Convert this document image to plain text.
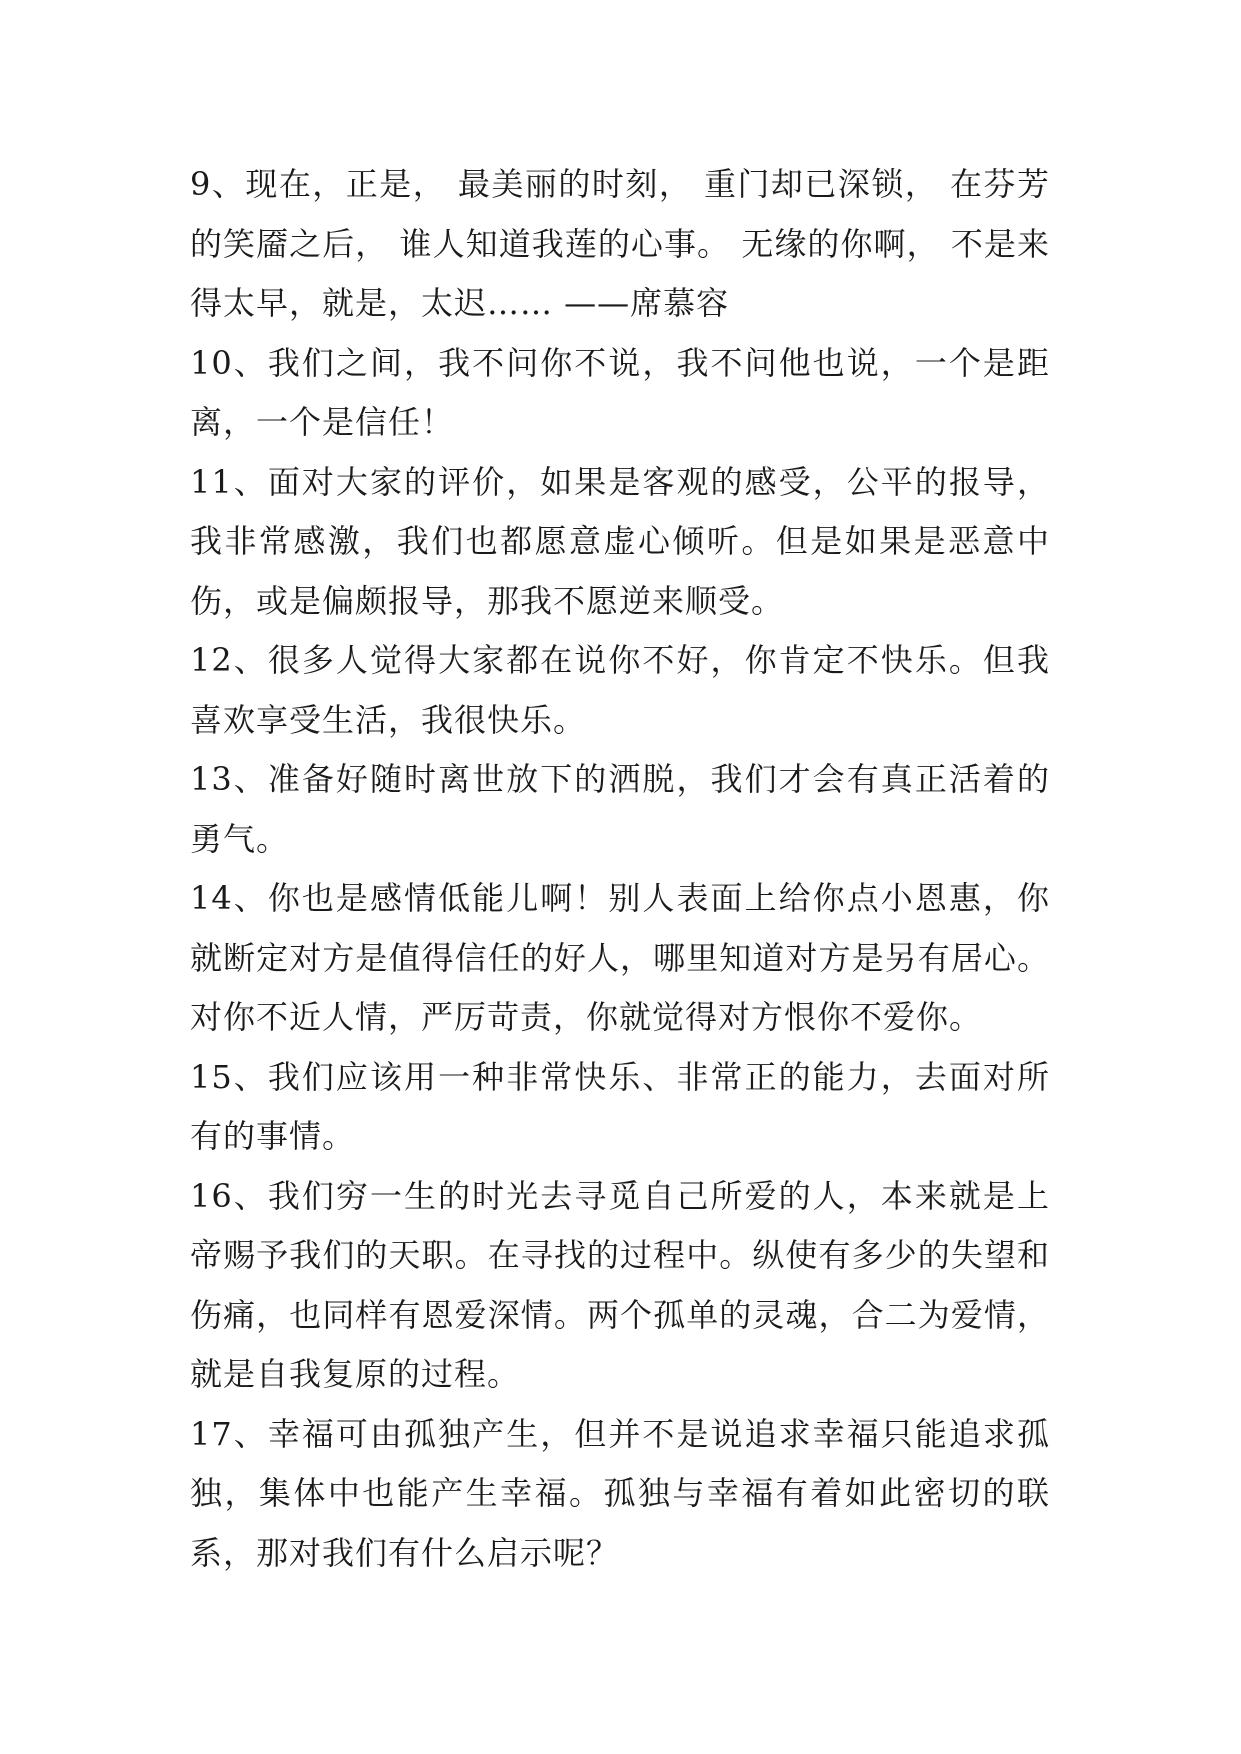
9、现在，正是， 最美丽的时刻， 重门却已深锁， 在芬芳的笑靥之后， 谁人知道我莲的心事。 无缘的你啊， 不是来得太早，就是，太迟…… ——席慕容

10、我们之间，我不问你不说，我不问他也说，一个是距离，一个是信任！

11、面对大家的评价，如果是客观的感受，公平的报导，我非常感激，我们也都愿意虚心倾听。但是如果是恶意中伤，或是偏颇报导，那我不愿逆来顺受。

12、很多人觉得大家都在说你不好，你肯定不快乐。但我喜欢享受生活，我很快乐。

13、准备好随时离世放下的洒脱，我们才会有真正活着的勇气。

14、你也是感情低能儿啊！别人表面上给你点小恩惠，你就断定对方是值得信任的好人，哪里知道对方是另有居心。对你不近人情，严厉苛责，你就觉得对方恨你不爱你。

15、我们应该用一种非常快乐、非常正的能力，去面对所有的事情。

16、我们穷一生的时光去寻觅自己所爱的人，本来就是上帝赐予我们的天职。在寻找的过程中。纵使有多少的失望和伤痛，也同样有恩爱深情。两个孤单的灵魂，合二为爱情，就是自我复原的过程。

17、幸福可由孤独产生，但并不是说追求幸福只能追求孤独，集体中也能产生幸福。孤独与幸福有着如此密切的联系，那对我们有什么启示呢？
